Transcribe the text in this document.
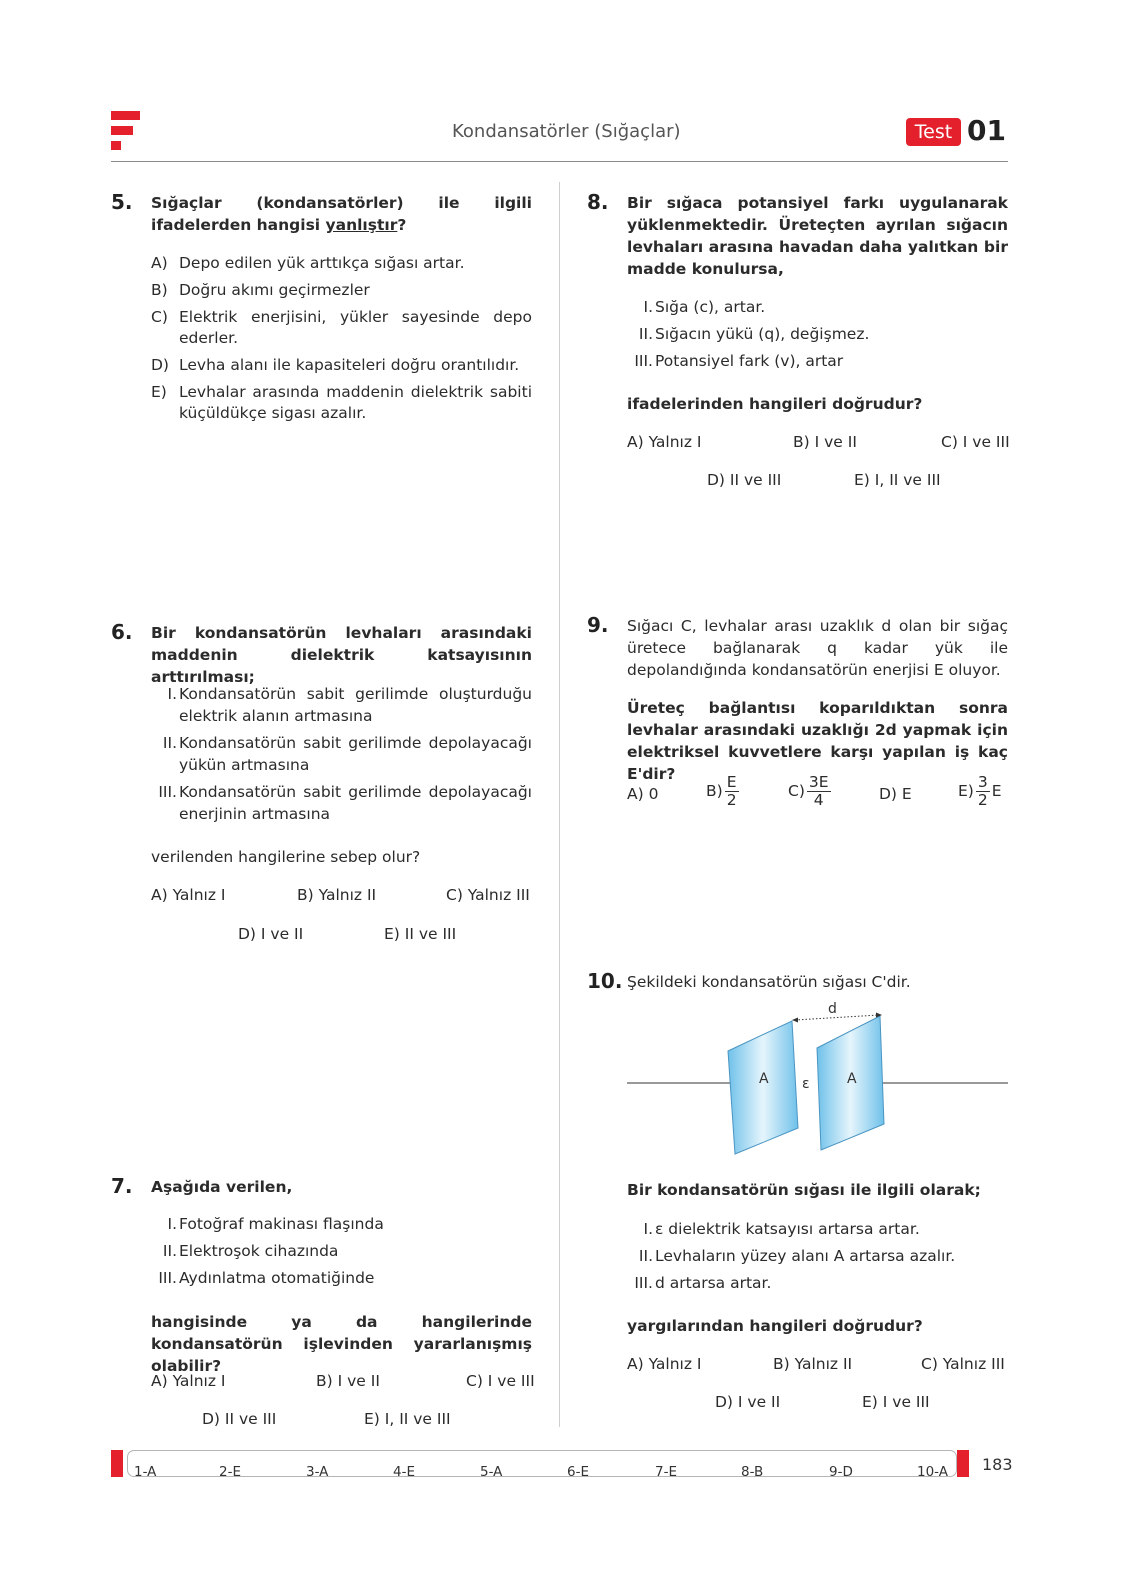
Kondansatörler (Sığaçlar)	Test 01
5. Sığaçlar (kondansatörler) ile ilgili ifadelerden hangisi yanlıştır?
A) Depo edilen yük arttıkça sığası artar.
B) Doğru akımı geçirmezler
C) Elektrik enerjisini, yükler sayesinde depo ederler.
D) Levha alanı ile kapasiteleri doğru orantılıdır.
E) Levhalar arasında maddenin dielektrik sabiti küçüldükçe sigası azalır.
6. Bir kondansatörün levhaları arasındaki maddenin dielektrik katsayısının arttırılması;
I. Kondansatörün sabit gerilimde oluşturduğu elektrik alanın artmasına
II. Kondansatörün sabit gerilimde depolayacağı yükün artmasına
III. Kondansatörün sabit gerilimde depolayacağı enerjinin artmasına
verilenden hangilerine sebep olur?
A) Yalnız I	B) Yalnız II	C) Yalnız III
D) I ve II	E) II ve III
7. Aşağıda verilen,
I. Fotoğraf makinası flaşında
II. Elektroşok cihazında
III. Aydınlatma otomatiğinde
hangisinde ya da hangilerinde kondansatörün işlevinden yararlanışmış olabilir?
A) Yalnız I	B) I ve II	C) I ve III
D) II ve III	E) I, II ve III
8. Bir sığaca potansiyel farkı uygulanarak yüklenmektedir. Üreteçten ayrılan sığacın levhaları arasına havadan daha yalıtkan bir madde konulursa,
I. Sığa (c), artar.
II. Sığacın yükü (q), değişmez.
III. Potansiyel fark (v), artar
ifadelerinden hangileri doğrudur?
A) Yalnız I	B) I ve II	C) I ve III
D) II ve III	E) I, II ve III
9. Sığacı C, levhalar arası uzaklık d olan bir sığaç üretece bağlanarak q kadar yük ile depolandığında kondansatörün enerjisi E oluyor.
Üreteç bağlantısı koparıldıktan sonra levhalar arasındaki uzaklığı 2d yapmak için elektriksel kuvvetlere karşı yapılan iş kaç E'dir?
A) 0	$B) \frac{E}{2}$	$C) \frac{3E}{4}$	D) E	$E) \frac{3}{2}$ E
10. Şekildeki kondansatörün sığası C'dir.
d
A	A
ε
Bir kondansatörün sığası ile ilgili olarak;
I. ε dielektrik katsayısı artarsa artar.
II. Levhaların yüzey alanı A artarsa azalır.
III. d artarsa artar.
yargılarından hangileri doğrudur?
A) Yalnız I	B) Yalnız II	C) Yalnız III
D) I ve II	E) I ve III
1-A	2-E	3-A	4-E	5-A	6-E	7-E	8-B	9-D	10-A 183
